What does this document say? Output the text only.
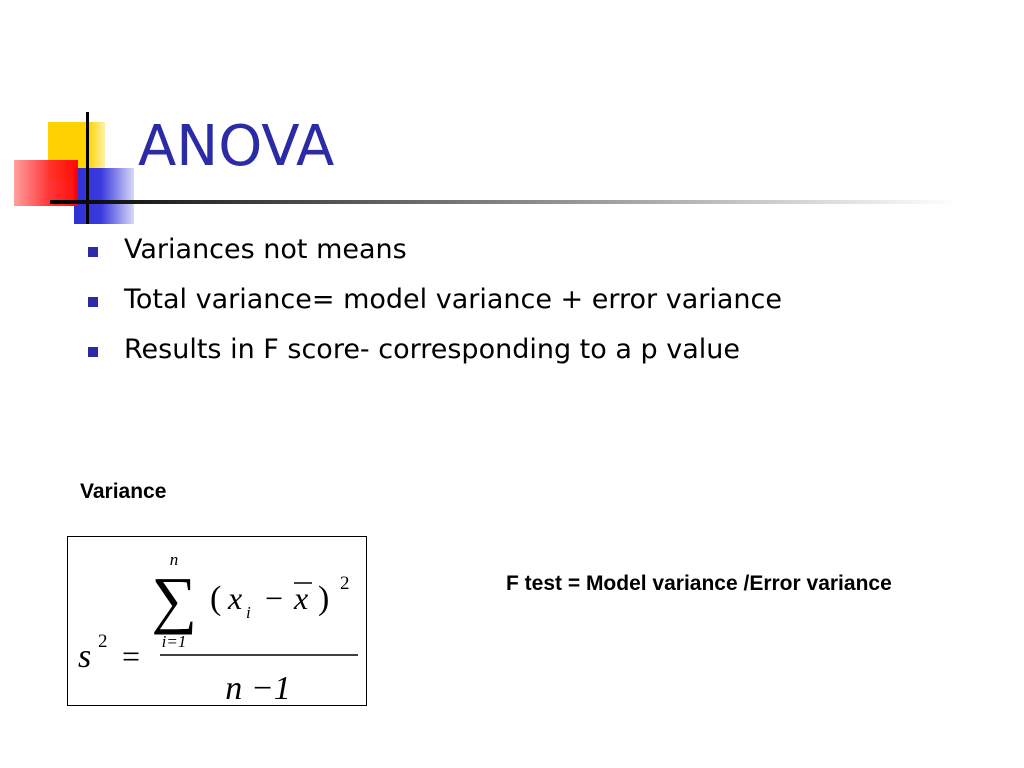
ANOVA
Variances not means
Total variance= model variance + error variance
Results in F score- corresponding to a p value
Variance
n
∑
i=1
( x i − x ) 2
s 2 =
n −1
F test = Model variance /Error variance
